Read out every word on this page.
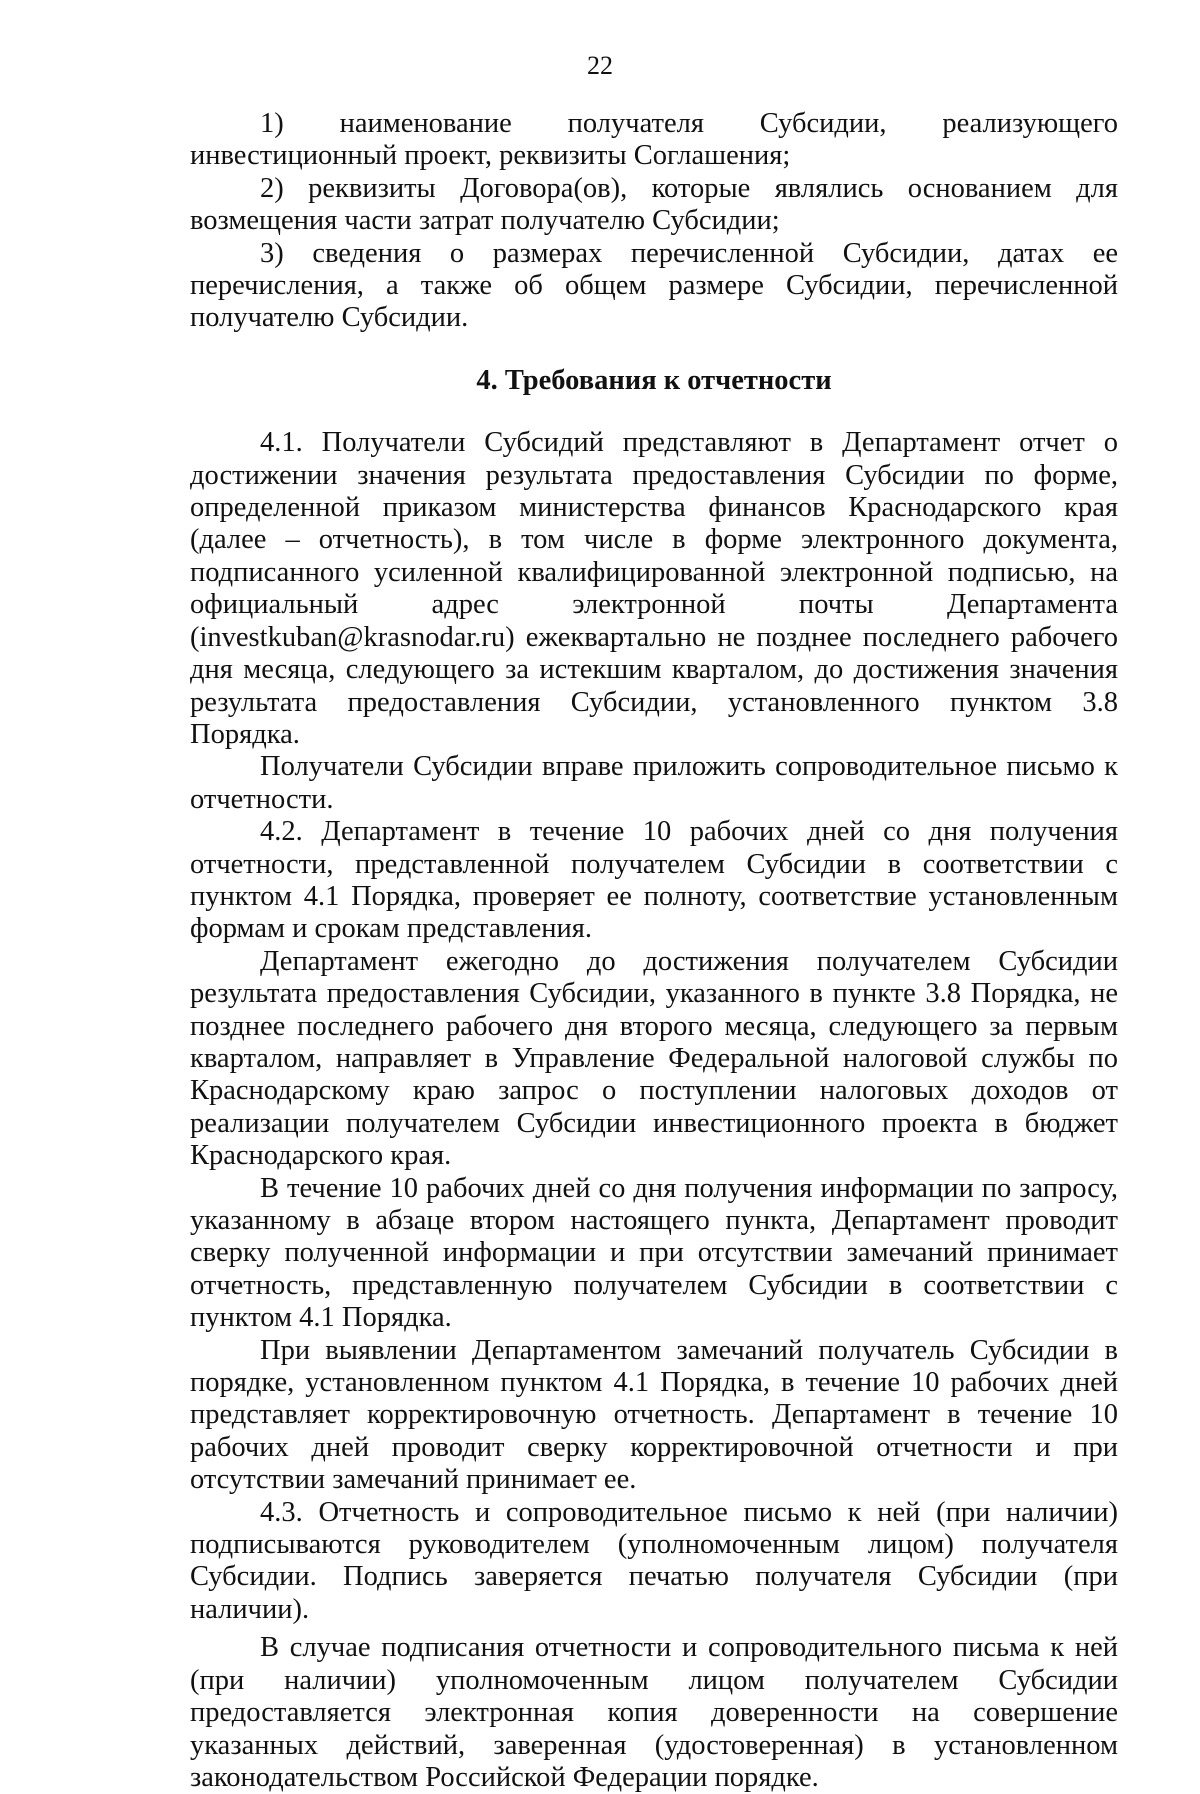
22

1) наименование получателя Субсидии, реализующего инвестиционный проект, реквизиты Соглашения;

2) реквизиты Договора(ов), которые являлись основанием для возмещения части затрат получателю Субсидии;

3) сведения о размерах перечисленной Субсидии, датах ее перечисления, а также об общем размере Субсидии, перечисленной получателю Субсидии.

4. Требования к отчетности

4.1. Получатели Субсидий представляют в Департамент отчет о достижении значения результата предоставления Субсидии по форме, определенной приказом министерства финансов Краснодарского края (далее – отчетность), в том числе в форме электронного документа, подписанного усиленной квалифицированной электронной подписью, на официальный адрес электронной почты Департамента (investkuban@krasnodar.ru) ежеквартально не позднее последнего рабочего дня месяца, следующего за истекшим кварталом, до достижения значения результата предоставления Субсидии, установленного пунктом 3.8 Порядка.

Получатели Субсидии вправе приложить сопроводительное письмо к отчетности.

4.2. Департамент в течение 10 рабочих дней со дня получения отчетности, представленной получателем Субсидии в соответствии с пунктом 4.1 Порядка, проверяет ее полноту, соответствие установленным формам и срокам представления.

Департамент ежегодно до достижения получателем Субсидии результата предоставления Субсидии, указанного в пункте 3.8 Порядка, не позднее последнего рабочего дня второго месяца, следующего за первым кварталом, направляет в Управление Федеральной налоговой службы по Краснодарскому краю запрос о поступлении налоговых доходов от реализации получателем Субсидии инвестиционного проекта в бюджет Краснодарского края.

В течение 10 рабочих дней со дня получения информации по запросу, указанному в абзаце втором настоящего пункта, Департамент проводит сверку полученной информации и при отсутствии замечаний принимает отчетность, представленную получателем Субсидии в соответствии с пунктом 4.1 Порядка.

При выявлении Департаментом замечаний получатель Субсидии в порядке, установленном пунктом 4.1 Порядка, в течение 10 рабочих дней представляет корректировочную отчетность. Департамент в течение 10 рабочих дней проводит сверку корректировочной отчетности и при отсутствии замечаний принимает ее.

4.3. Отчетность и сопроводительное письмо к ней (при наличии) подписываются руководителем (уполномоченным лицом) получателя Субсидии. Подпись заверяется печатью получателя Субсидии (при наличии).

В случае подписания отчетности и сопроводительного письма к ней (при наличии) уполномоченным лицом получателем Субсидии предоставляется электронная копия доверенности на совершение указанных действий, заверенная (удостоверенная) в установленном законодательством Российской Федерации порядке.
